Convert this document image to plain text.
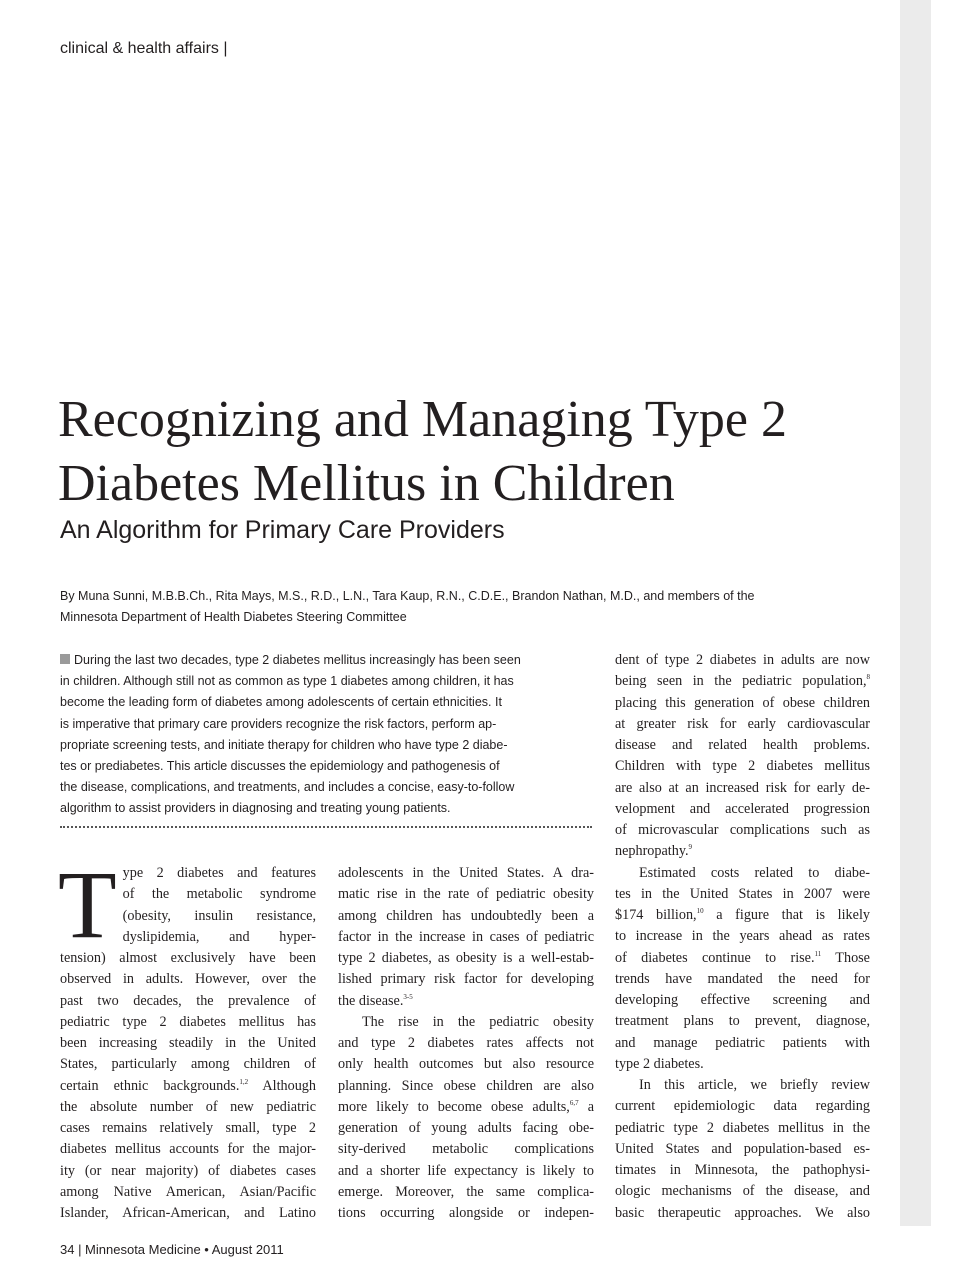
clinical & health affairs |
Recognizing and Managing Type 2
Diabetes Mellitus in Children
An Algorithm for Primary Care Providers
By Muna Sunni, M.B.B.Ch., Rita Mays, M.S., R.D., L.N., Tara Kaup, R.N., C.D.E., Brandon Nathan, M.D., and members of the
Minnesota Department of Health Diabetes Steering Committee
During the last two decades, type 2 diabetes mellitus increasingly has been seen
in children. Although still not as common as type 1 diabetes among children, it has
become the leading form of diabetes among adolescents of certain ethnicities. It
is imperative that primary care providers recognize the risk factors, perform ap-
propriate screening tests, and initiate therapy for children who have type 2 diabe-
tes or prediabetes. This article discusses the epidemiology and pathogenesis of
the disease, complications, and treatments, and includes a concise, easy-to-follow
algorithm to assist providers in diagnosing and treating young patients.
T ype 2 diabetes and features
of the metabolic syndrome
(obesity, insulin resistance,
dyslipidemia, and hyper-
tension) almost exclusively have been
observed in adults. However, over the
past two decades, the prevalence of
pediatric type 2 diabetes mellitus has
been increasing steadily in the United
States, particularly among children of
certain ethnic backgrounds.$^{1,2}$ Although
the absolute number of new pediatric
cases remains relatively small, type 2
diabetes mellitus accounts for the major-
ity (or near majority) of diabetes cases
among Native American, Asian/Pacific
Islander, African-American, and Latino
adolescents in the United States. A dra-
matic rise in the rate of pediatric obesity
among children has undoubtedly been a
factor in the increase in cases of pediatric
type 2 diabetes, as obesity is a well-estab-
lished primary risk factor for developing
the disease.$^{3-5}$
The rise in the pediatric obesity
and type 2 diabetes rates affects not
only health outcomes but also resource
planning. Since obese children are also
more likely to become obese adults,$^{6,7}$ a
generation of young adults facing obe-
sity-derived metabolic complications
and a shorter life expectancy is likely to
emerge. Moreover, the same complica-
tions occurring alongside or indepen-
dent of type 2 diabetes in adults are now
being seen in the pediatric population,$^8$
placing this generation of obese children
at greater risk for early cardiovascular
disease and related health problems.
Children with type 2 diabetes mellitus
are also at an increased risk for early de-
velopment and accelerated progression
of microvascular complications such as
nephropathy.$^9$
Estimated costs related to diabe-
tes in the United States in 2007 were
$174 billion,$^{10}$ a figure that is likely
to increase in the years ahead as rates
of diabetes continue to rise.$^{11}$ Those
trends have mandated the need for
developing effective screening and
treatment plans to prevent, diagnose,
and manage pediatric patients with
type 2 diabetes.
In this article, we briefly review
current epidemiologic data regarding
pediatric type 2 diabetes mellitus in the
United States and population-based es-
timates in Minnesota, the pathophysi-
ologic mechanisms of the disease, and
basic therapeutic approaches. We also
34 | Minnesota Medicine • August 2011
